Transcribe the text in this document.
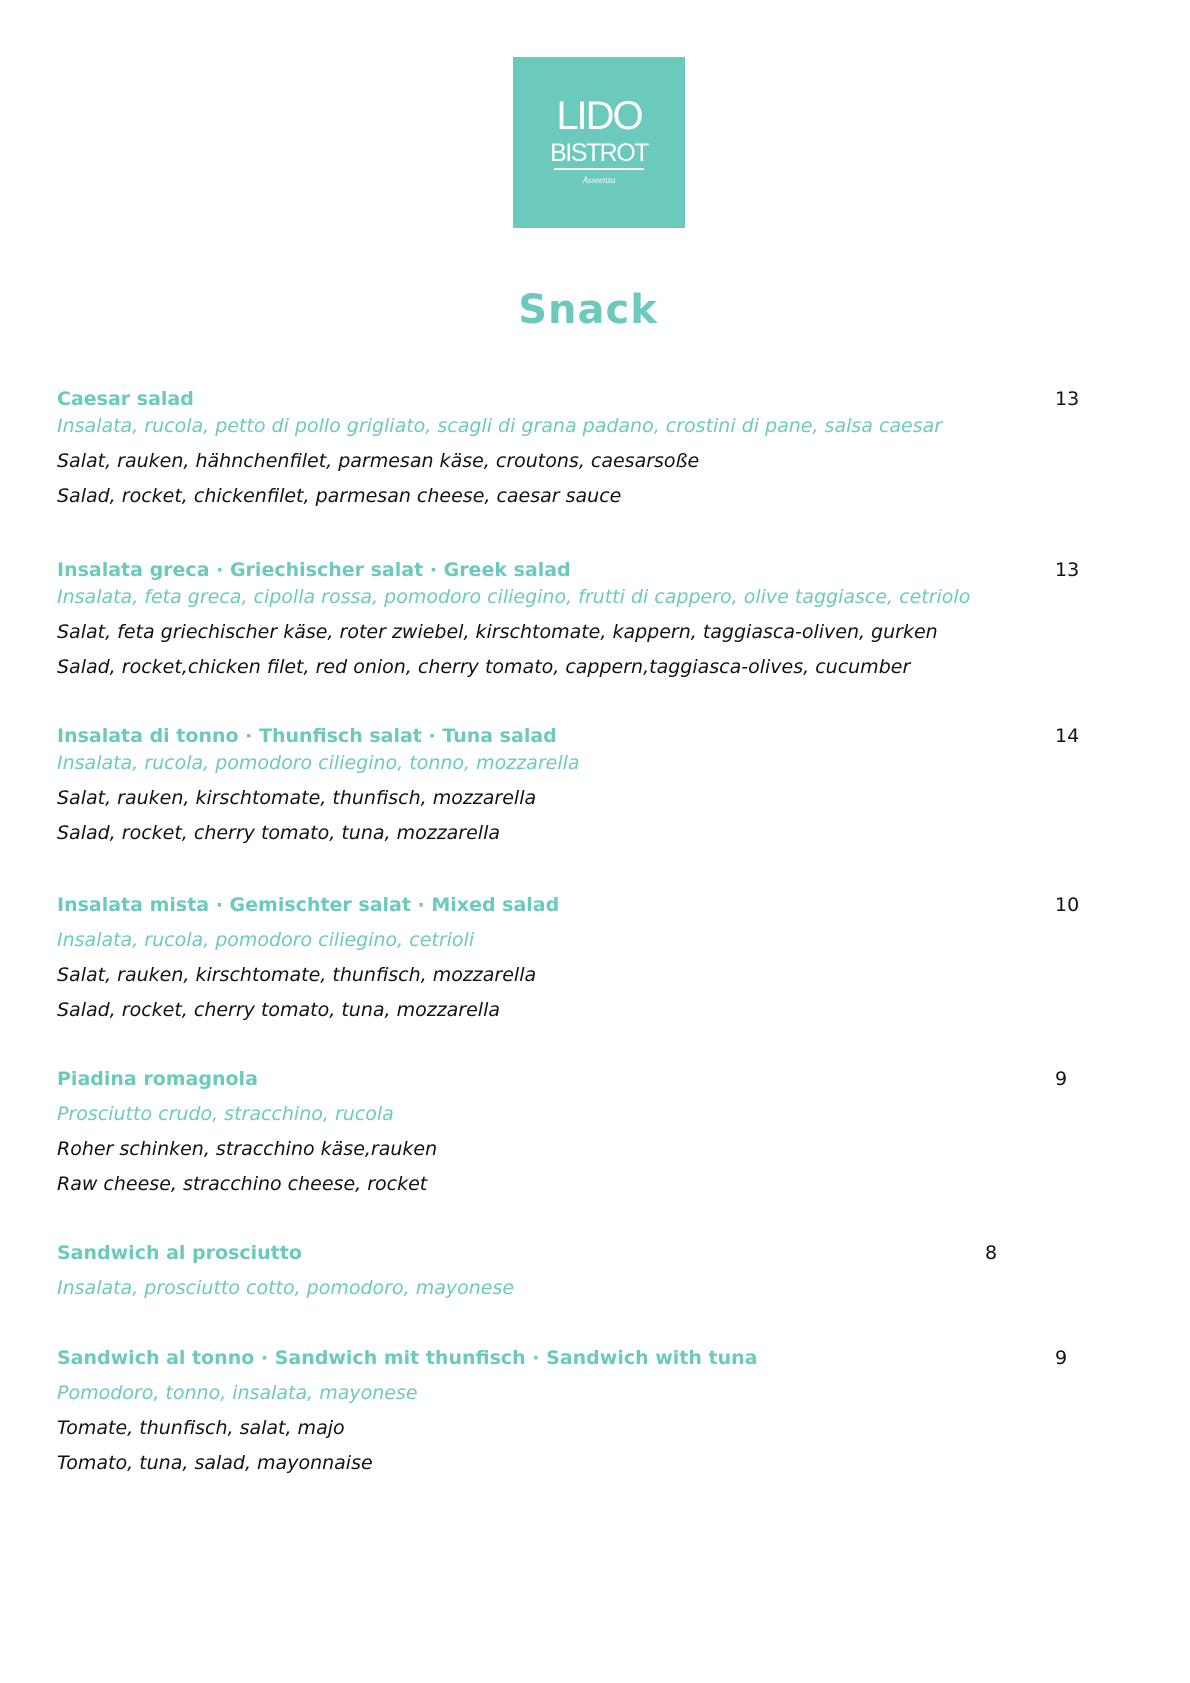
LIDO
BISTROT
Asseenza
Snack
Caesar salad	13
Insalata, rucola, petto di pollo grigliato, scagli di grana padano, crostini di pane, salsa caesar
Salat, rauken, hähnchenfilet, parmesan käse, croutons, caesarsoße
Salad, rocket, chickenfilet, parmesan cheese, caesar sauce
Insalata greca · Griechischer salat · Greek salad	13
Insalata, feta greca, cipolla rossa, pomodoro ciliegino, frutti di cappero, olive taggiasce, cetriolo
Salat, feta griechischer käse, roter zwiebel, kirschtomate, kappern, taggiasca-oliven, gurken
Salad, rocket,chicken filet, red onion, cherry tomato, cappern,taggiasca-olives, cucumber
Insalata di tonno · Thunfisch salat · Tuna salad	14
Insalata, rucola, pomodoro ciliegino, tonno, mozzarella
Salat, rauken, kirschtomate, thunfisch, mozzarella
Salad, rocket, cherry tomato, tuna, mozzarella
Insalata mista · Gemischter salat · Mixed salad	10
Insalata, rucola, pomodoro ciliegino, cetrioli
Salat, rauken, kirschtomate, thunfisch, mozzarella
Salad, rocket, cherry tomato, tuna, mozzarella
Piadina romagnola	9
Prosciutto crudo, stracchino, rucola
Roher schinken, stracchino käse,rauken
Raw cheese, stracchino cheese, rocket
Sandwich al prosciutto	8
Insalata, prosciutto cotto, pomodoro, mayonese
Sandwich al tonno · Sandwich mit thunfisch · Sandwich with tuna	9
Pomodoro, tonno, insalata, mayonese
Tomate, thunfisch, salat, majo
Tomato, tuna, salad, mayonnaise
